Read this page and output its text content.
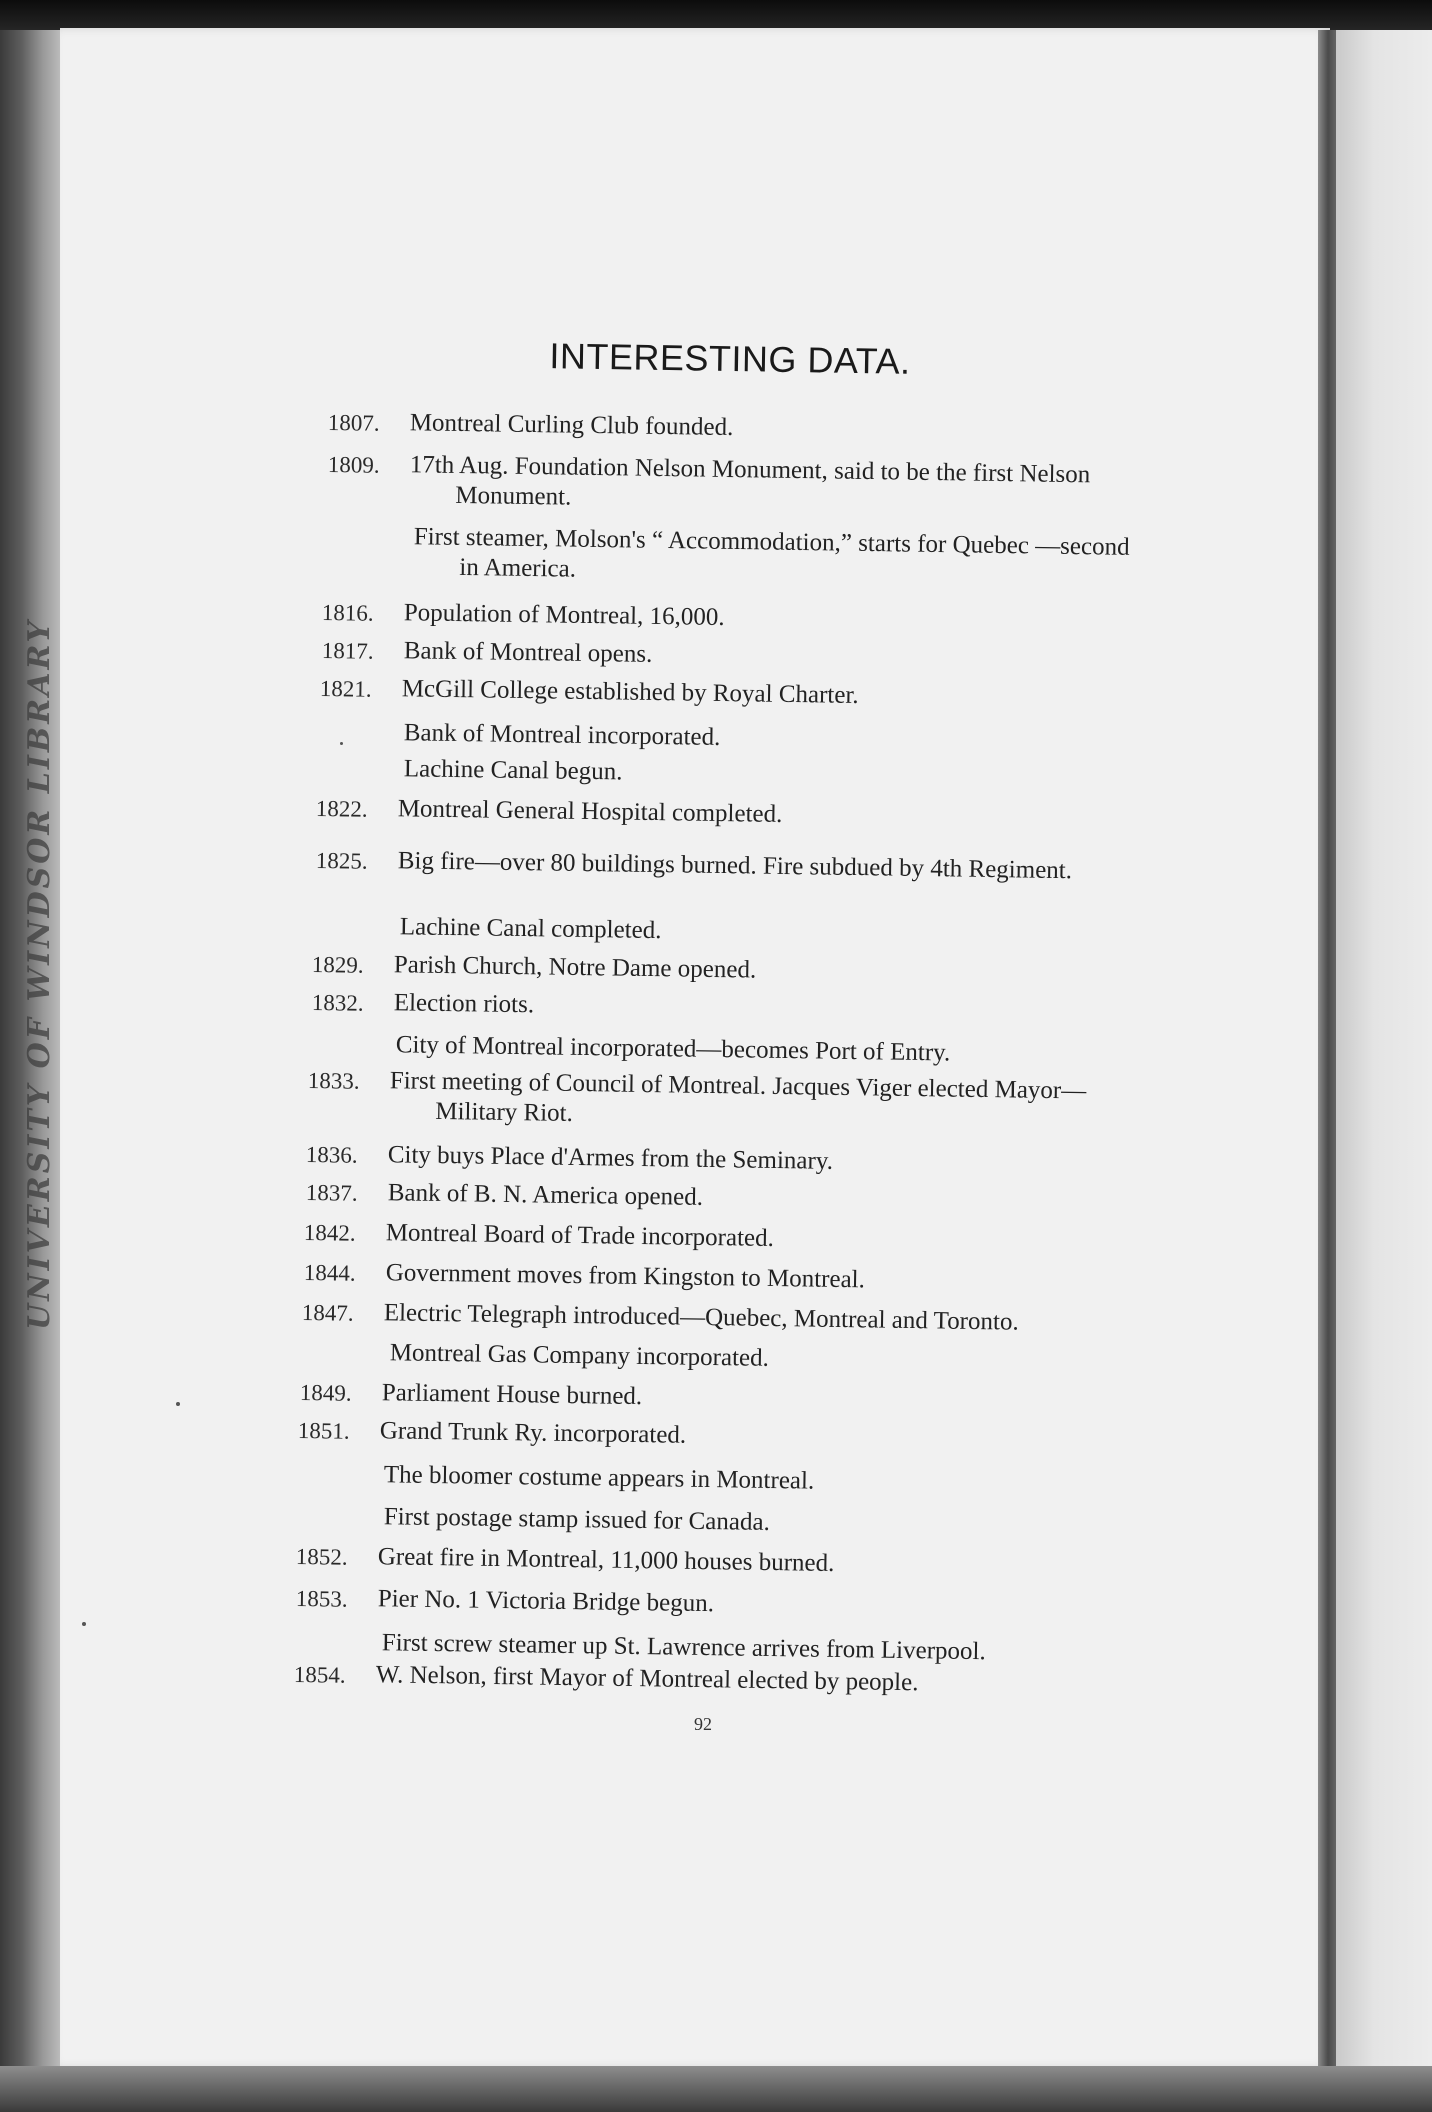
UNIVERSITY OF WINDSOR LIBRARY
INTERESTING DATA.
1807.	Montreal Curling Club founded.
1809.	17th Aug. Foundation Nelson Monument, said to be the first Nelson Monument.
First steamer, Molson's “ Accommodation,” starts for Quebec —second in America.
1816.	Population of Montreal, 16,000.
1817.	Bank of Montreal opens.
1821.	McGill College established by Royal Charter.
Bank of Montreal incorporated.
Lachine Canal begun.
1822.	Montreal General Hospital completed.
1825.	Big fire—over 80 buildings burned. Fire subdued by 4th Regiment.
Lachine Canal completed.
1829.	Parish Church, Notre Dame opened.
1832.	Election riots.
City of Montreal incorporated—becomes Port of Entry.
1833.	First meeting of Council of Montreal. Jacques Viger elected Mayor—Military Riot.
1836.	City buys Place d'Armes from the Seminary.
1837.	Bank of B. N. America opened.
1842.	Montreal Board of Trade incorporated.
1844.	Government moves from Kingston to Montreal.
1847.	Electric Telegraph introduced—Quebec, Montreal and Toronto.
Montreal Gas Company incorporated.
1849.	Parliament House burned.
1851.	Grand Trunk Ry. incorporated.
The bloomer costume appears in Montreal.
First postage stamp issued for Canada.
1852.	Great fire in Montreal, 11,000 houses burned.
1853.	Pier No. 1 Victoria Bridge begun.
First screw steamer up St. Lawrence arrives from Liverpool.
1854.	W. Nelson, first Mayor of Montreal elected by people.
92
